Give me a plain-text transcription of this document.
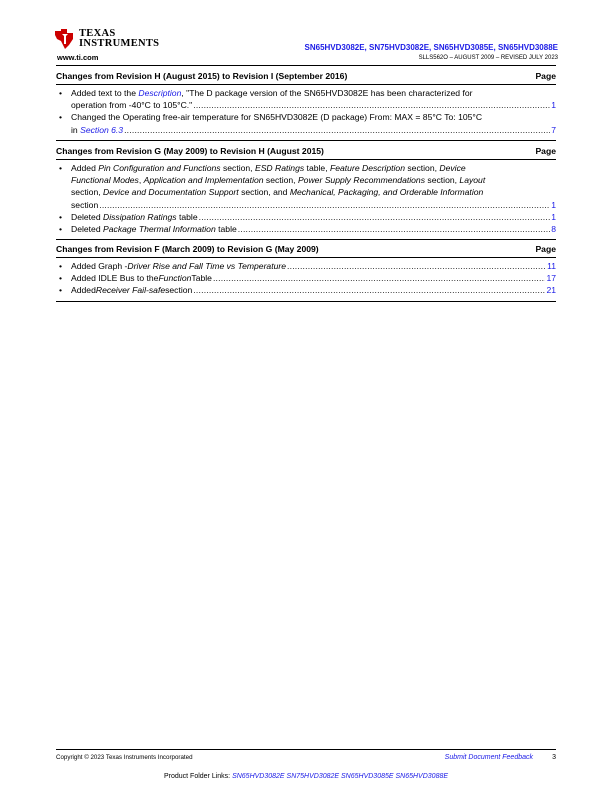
TEXAS
INSTRUMENTS
www.ti.com
SN65HVD3082E, SN75HVD3082E, SN65HVD3085E, SN65HVD3088E
SLLS562O – AUGUST 2009 – REVISED JULY 2023
Changes from Revision H (August 2015) to Revision I (September 2016)	Page
• Added text to the Description, "The D package version of the SN65HVD3082E has been characterized for
operation from -40°C to 105°C." .....	1
• Changed the Operating free-air temperature for SN65HVD3082E (D package) From: MAX = 85°C To: 105°C
in
Section 6.3 .....	7
Changes from Revision G (May 2009) to Revision H (August 2015)	Page
• Added Pin Configuration and Functions section, ESD Ratings table, Feature Description section, Device
Functional Modes, Application and Implementation section, Power Supply Recommendations section, Layout
section, Device and Documentation Support section, and Mechanical, Packaging, and Orderable Information
section .....	1
• Deleted
Dissipation Ratings
table .....	1
• Deleted
Package Thermal Information
table .....	8
Changes from Revision F (March 2009) to Revision G (May 2009)	Page
• Added Graph - Driver Rise and Fall Time vs Temperature .....	11
• Added IDLE Bus to the Function Table .....	17
• Added Receiver Fail-safe section .....	21
Copyright © 2023 Texas Instruments Incorporated	Submit Document Feedback	3
Product Folder Links: SN65HVD3082E SN75HVD3082E SN65HVD3085E SN65HVD3088E
